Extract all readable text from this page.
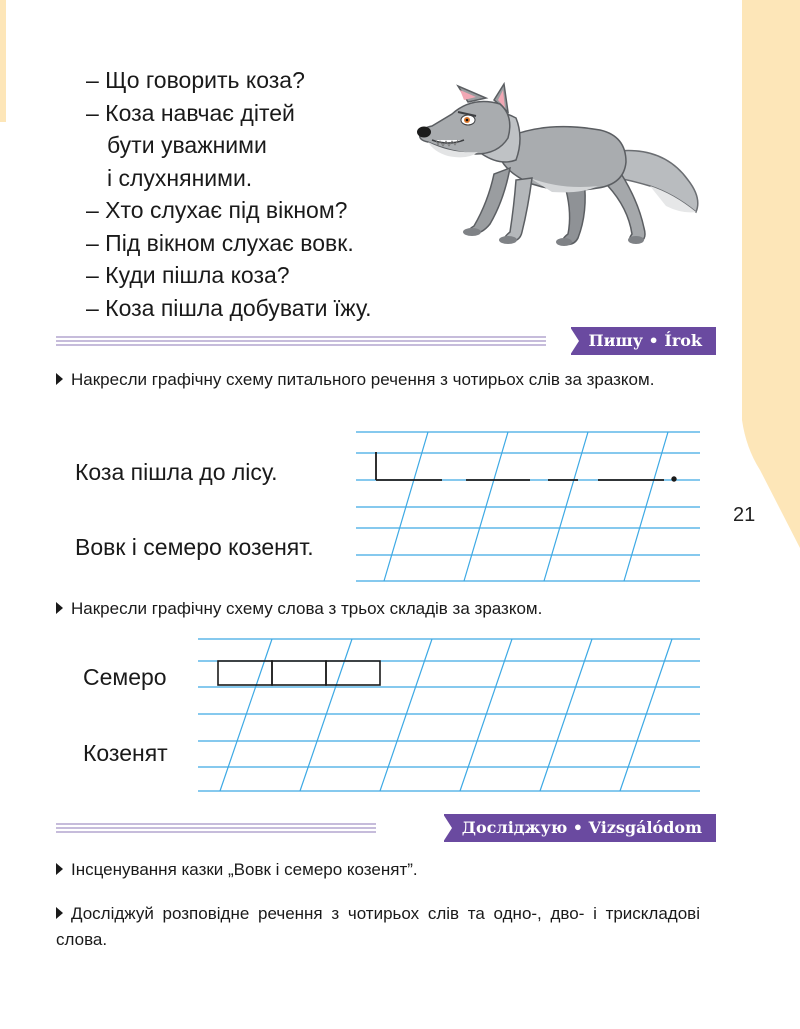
21
– Що говорить коза?
– Коза навчає дітей
бути уважними
і слухняними.
– Хто слухає під вікном?
– Під вікном слухає вовк.
– Куди пішла коза?
– Коза пішла добувати їжу.
Пишу • Írok

Накресли графічну схему питального речення з чотирьох слів за зразком.

Коза пішла до лісу.
Вовк і семеро козенят.

Накресли графічну схему слова з трьох складів за зразком.

Семеро
Козенят
Досліджую • Vizsgálódom

Інсценування казки „Вовк і семеро козенят”.

Досліджуй розповідне речення з чотирьох слів та одно-, дво- і трискладові слова.
